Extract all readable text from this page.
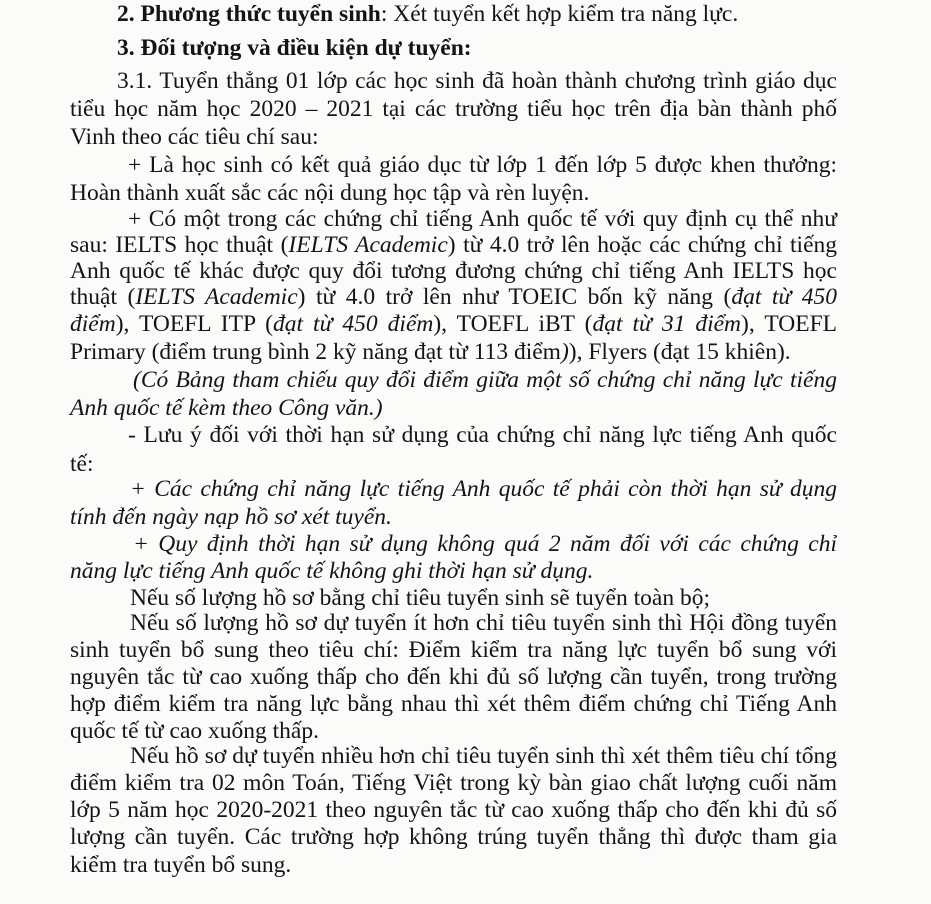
2. Phương thức tuyển sinh: Xét tuyển kết hợp kiểm tra năng lực.
3. Đối tượng và điều kiện dự tuyển:
3.1. Tuyển thẳng 01 lớp các học sinh đã hoàn thành chương trình giáo dục
tiểu học năm học 2020 – 2021 tại các trường tiểu học trên địa bàn thành phố
Vinh theo các tiêu chí sau:
+ Là học sinh có kết quả giáo dục từ lớp 1 đến lớp 5 được khen thưởng:
Hoàn thành xuất sắc các nội dung học tập và rèn luyện.
+ Có một trong các chứng chỉ tiếng Anh quốc tế với quy định cụ thể như
sau: IELTS học thuật (IELTS Academic) từ 4.0 trở lên hoặc các chứng chỉ tiếng
Anh quốc tế khác được quy đổi tương đương chứng chỉ tiếng Anh IELTS học
thuật (IELTS Academic) từ 4.0 trở lên như TOEIC bốn kỹ năng (đạt từ 450
điểm), TOEFL ITP (đạt từ 450 điểm), TOEFL iBT (đạt từ 31 điểm), TOEFL
Primary (điểm trung bình 2 kỹ năng đạt từ 113 điểm)), Flyers (đạt 15 khiên).
(Có Bảng tham chiếu quy đổi điểm giữa một số chứng chỉ năng lực tiếng
Anh quốc tế kèm theo Công văn.)
- Lưu ý đối với thời hạn sử dụng của chứng chỉ năng lực tiếng Anh quốc
tế:
+ Các chứng chỉ năng lực tiếng Anh quốc tế phải còn thời hạn sử dụng
tính đến ngày nạp hồ sơ xét tuyển.
+ Quy định thời hạn sử dụng không quá 2 năm đối với các chứng chỉ
năng lực tiếng Anh quốc tế không ghi thời hạn sử dụng.
Nếu số lượng hồ sơ bằng chỉ tiêu tuyển sinh sẽ tuyển toàn bộ;
Nếu số lượng hồ sơ dự tuyển ít hơn chỉ tiêu tuyển sinh thì Hội đồng tuyển
sinh tuyển bổ sung theo tiêu chí: Điểm kiểm tra năng lực tuyển bổ sung với
nguyên tắc từ cao xuống thấp cho đến khi đủ số lượng cần tuyển, trong trường
hợp điểm kiểm tra năng lực bằng nhau thì xét thêm điểm chứng chỉ Tiếng Anh
quốc tế từ cao xuống thấp.
Nếu hồ sơ dự tuyển nhiều hơn chỉ tiêu tuyển sinh thì xét thêm tiêu chí tổng
điểm kiểm tra 02 môn Toán, Tiếng Việt trong kỳ bàn giao chất lượng cuối năm
lớp 5 năm học 2020-2021 theo nguyên tắc từ cao xuống thấp cho đến khi đủ số
lượng cần tuyển. Các trường hợp không trúng tuyển thẳng thì được tham gia
kiểm tra tuyển bổ sung.
